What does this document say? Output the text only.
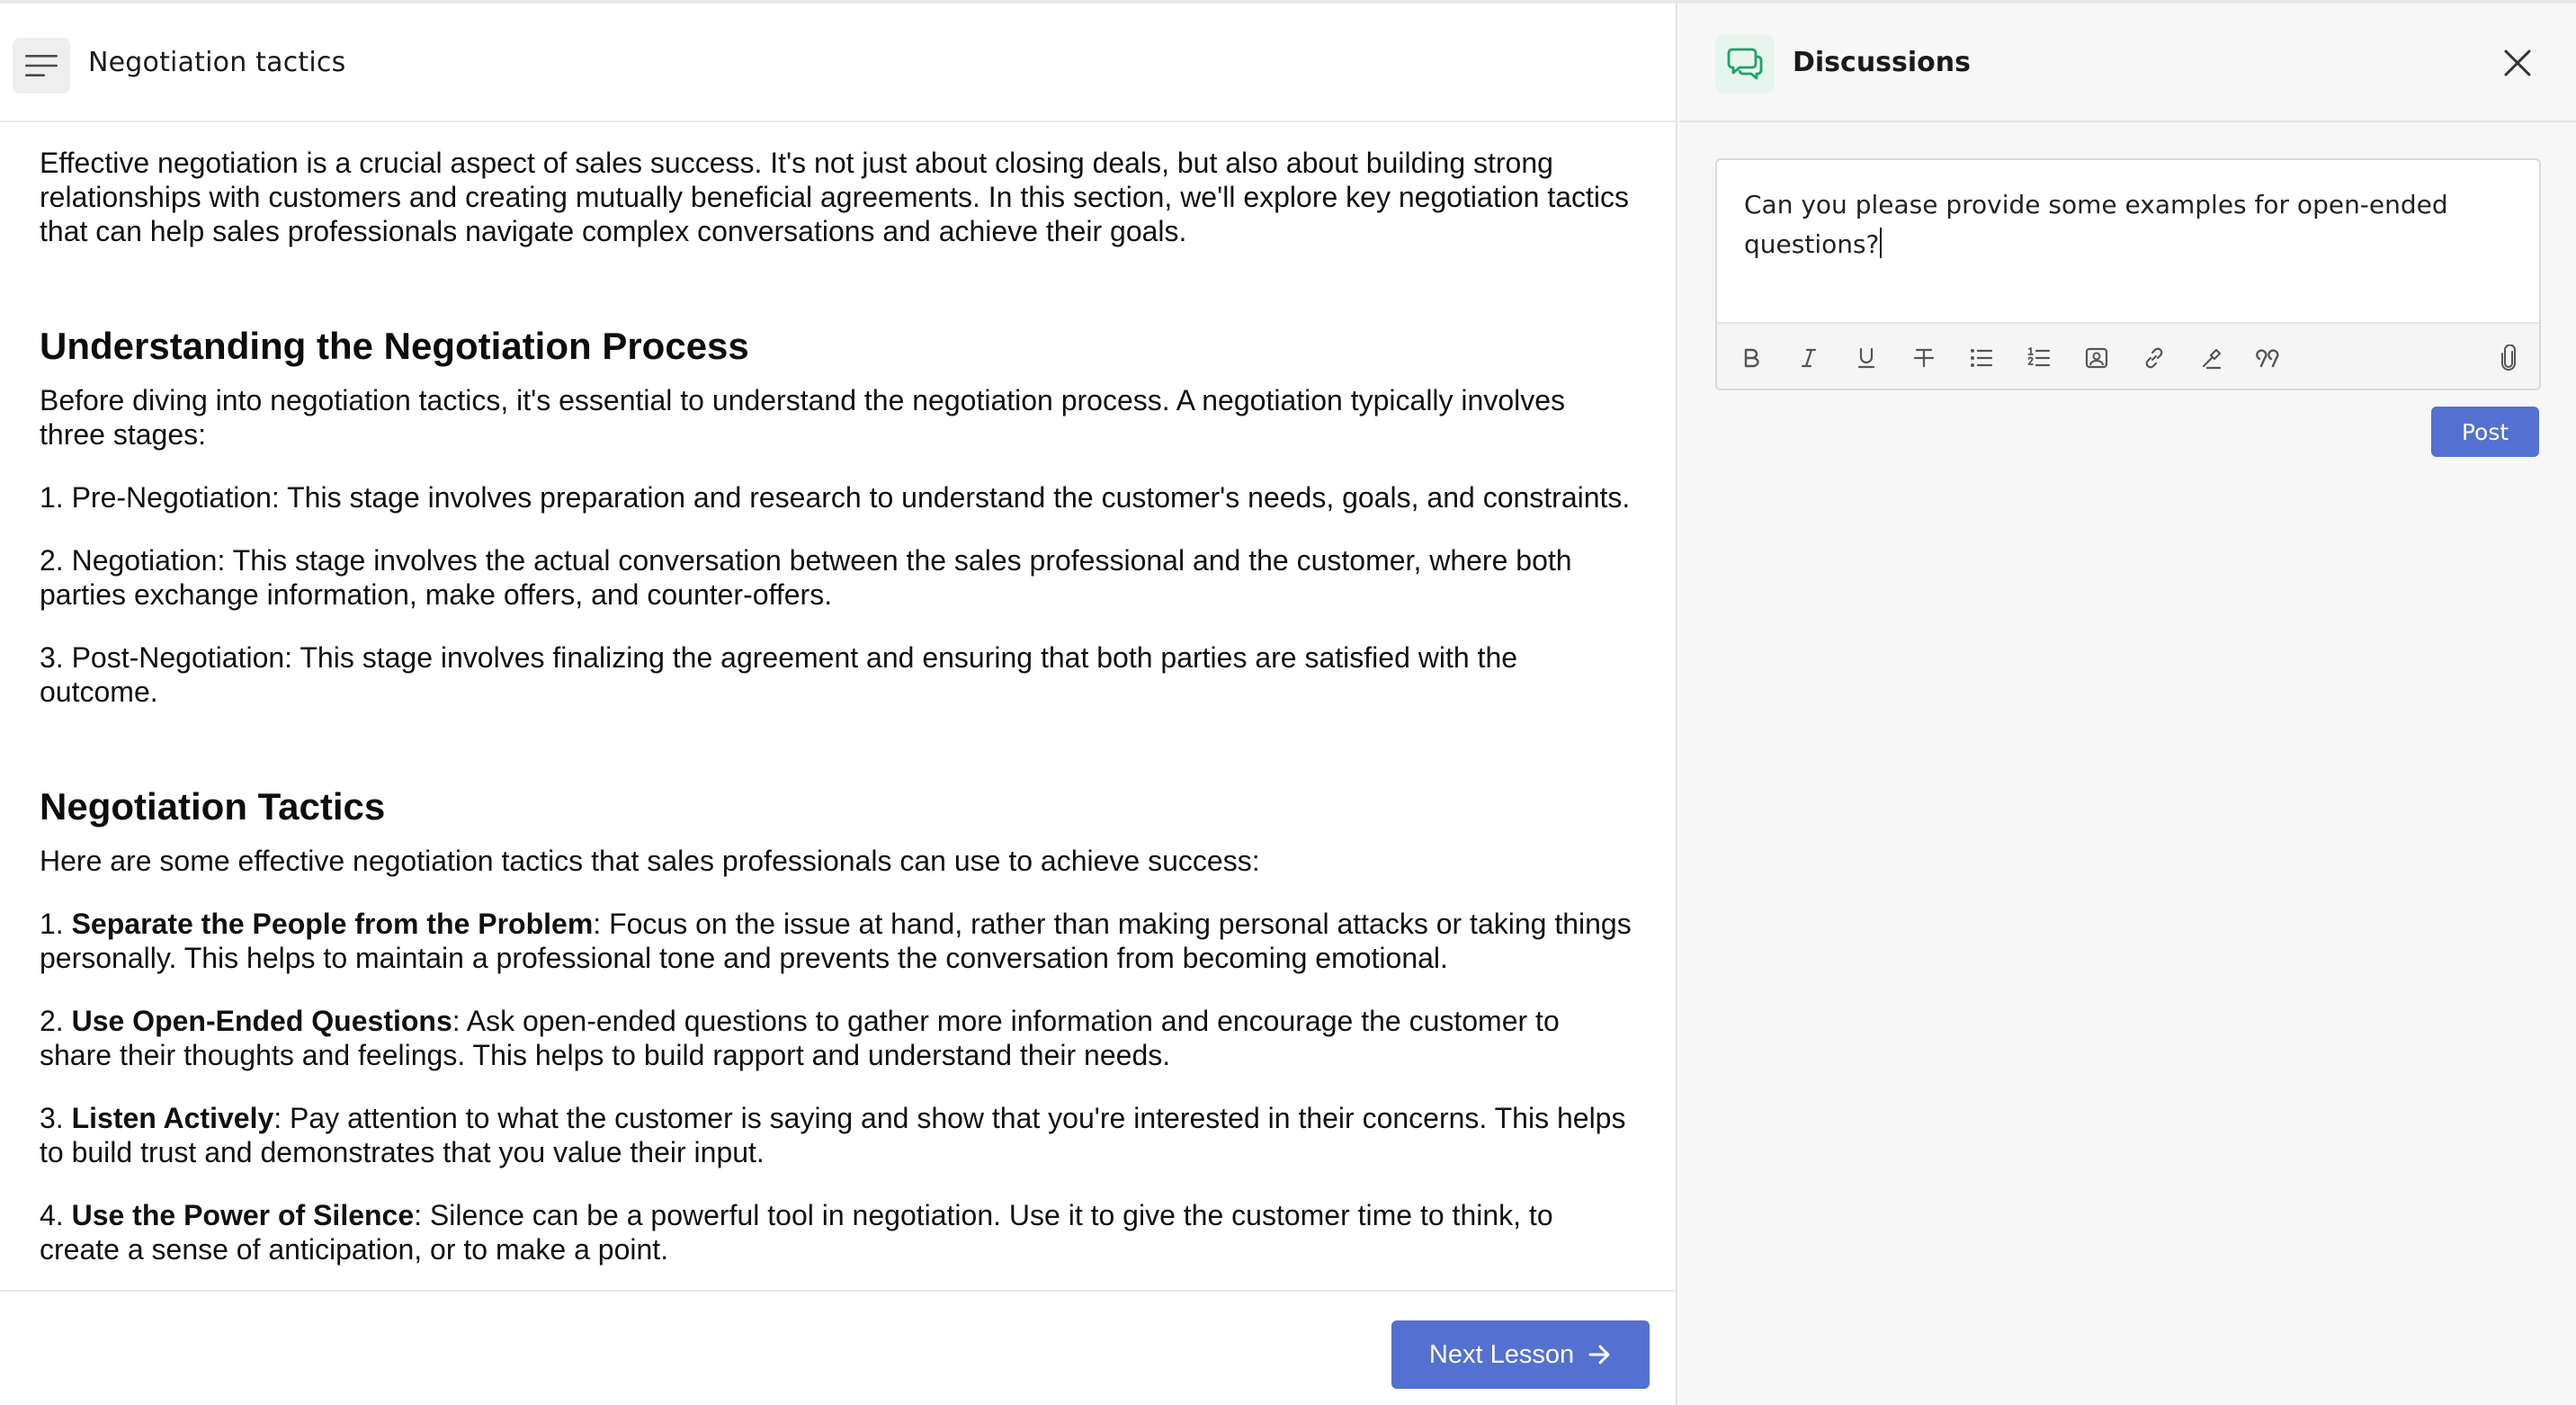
Negotiation tactics

Effective negotiation is a crucial aspect of sales success. It's not just about closing deals, but also about building strong relationships with customers and creating mutually beneficial agreements. In this section, we'll explore key negotiation tactics that can help sales professionals navigate complex conversations and achieve their goals.

Understanding the Negotiation Process

Before diving into negotiation tactics, it's essential to understand the negotiation process. A negotiation typically involves three stages:

1. Pre-Negotiation: This stage involves preparation and research to understand the customer's needs, goals, and constraints.

2. Negotiation: This stage involves the actual conversation between the sales professional and the customer, where both parties exchange information, make offers, and counter-offers.

3. Post-Negotiation: This stage involves finalizing the agreement and ensuring that both parties are satisfied with the outcome.

Negotiation Tactics

Here are some effective negotiation tactics that sales professionals can use to achieve success:

1. Separate the People from the Problem: Focus on the issue at hand, rather than making personal attacks or taking things personally. This helps to maintain a professional tone and prevents the conversation from becoming emotional.

2. Use Open-Ended Questions: Ask open-ended questions to gather more information and encourage the customer to share their thoughts and feelings. This helps to build rapport and understand their needs.

3. Listen Actively: Pay attention to what the customer is saying and show that you're interested in their concerns. This helps to build trust and demonstrates that you value their input.

4. Use the Power of Silence: Silence can be a powerful tool in negotiation. Use it to give the customer time to think, to create a sense of anticipation, or to make a point.

Next Lesson
Discussions
Can you please provide some examples for open-ended questions?
Post
